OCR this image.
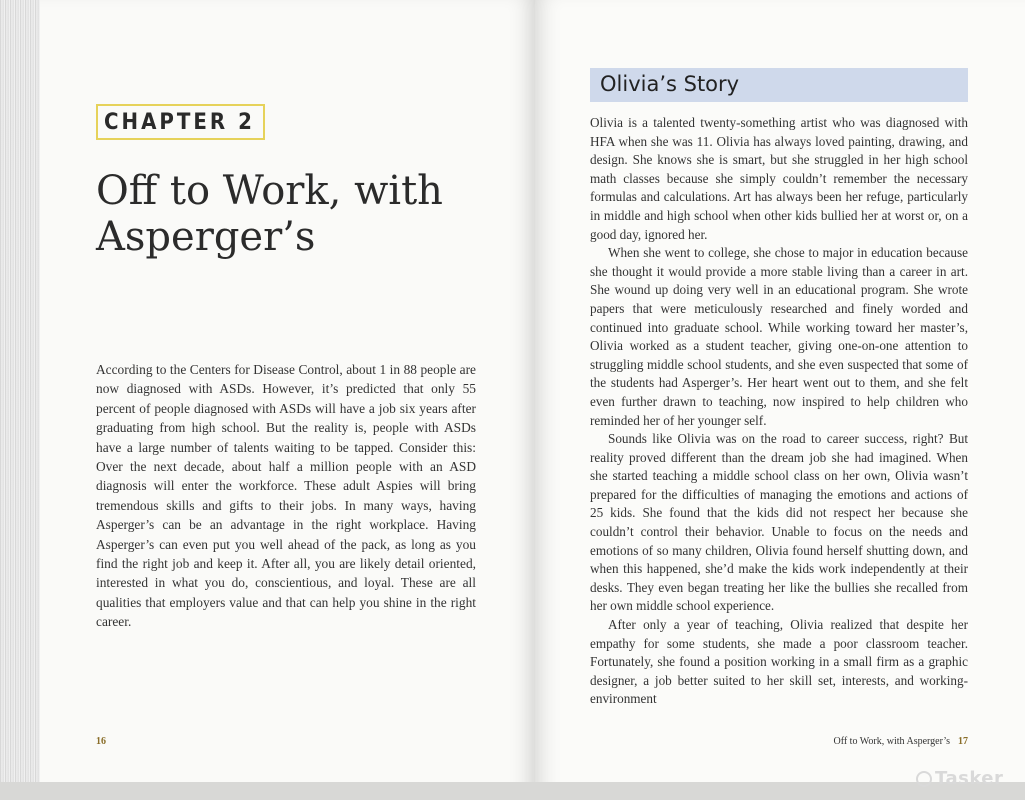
CHAPTER 2
Off to Work, with Asperger’s

According to the Centers for Disease Control, about 1 in 88 people are now diagnosed with ASDs. However, it’s predicted that only 55 percent of people diagnosed with ASDs will have a job six years after graduating from high school. But the reality is, people with ASDs have a large number of talents waiting to be tapped. Consider this: Over the next decade, about half a million people with an ASD diagnosis will enter the workforce. These adult Aspies will bring tremendous skills and gifts to their jobs. In many ways, having Asperger’s can be an advantage in the right workplace. Having Asperger’s can even put you well ahead of the pack, as long as you find the right job and keep it. After all, you are likely detail oriented, interested in what you do, conscientious, and loyal. These are all qualities that employers value and that can help you shine in the right career.

16
Olivia’s Story

Olivia is a talented twenty-something artist who was diagnosed with HFA when she was 11. Olivia has always loved painting, drawing, and design. She knows she is smart, but she struggled in her high school math classes because she simply couldn’t remember the necessary formulas and calculations. Art has always been her refuge, particularly in middle and high school when other kids bullied her at worst or, on a good day, ignored her.

When she went to college, she chose to major in education because she thought it would provide a more stable living than a career in art. She wound up doing very well in an educational program. She wrote papers that were meticulously researched and finely worded and continued into graduate school. While working toward her master’s, Olivia worked as a student teacher, giving one-on-one attention to struggling middle school students, and she even suspected that some of the students had Asperger’s. Her heart went out to them, and she felt even further drawn to teaching, now inspired to help children who reminded her of her younger self.

Sounds like Olivia was on the road to career success, right? But reality proved different than the dream job she had imagined. When she started teaching a middle school class on her own, Olivia wasn’t prepared for the difficulties of managing the emotions and actions of 25 kids. She found that the kids did not respect her because she couldn’t control their behavior. Unable to focus on the needs and emotions of so many children, Olivia found herself shutting down, and when this happened, she’d make the kids work independently at their desks. They even began treating her like the bullies she recalled from her own middle school experience.

After only a year of teaching, Olivia realized that despite her empathy for some students, she made a poor classroom teacher. Fortunately, she found a position working in a small firm as a graphic designer, a job better suited to her skill set, interests, and working-environment

Off to Work, with Asperger’s 17
Tasker
